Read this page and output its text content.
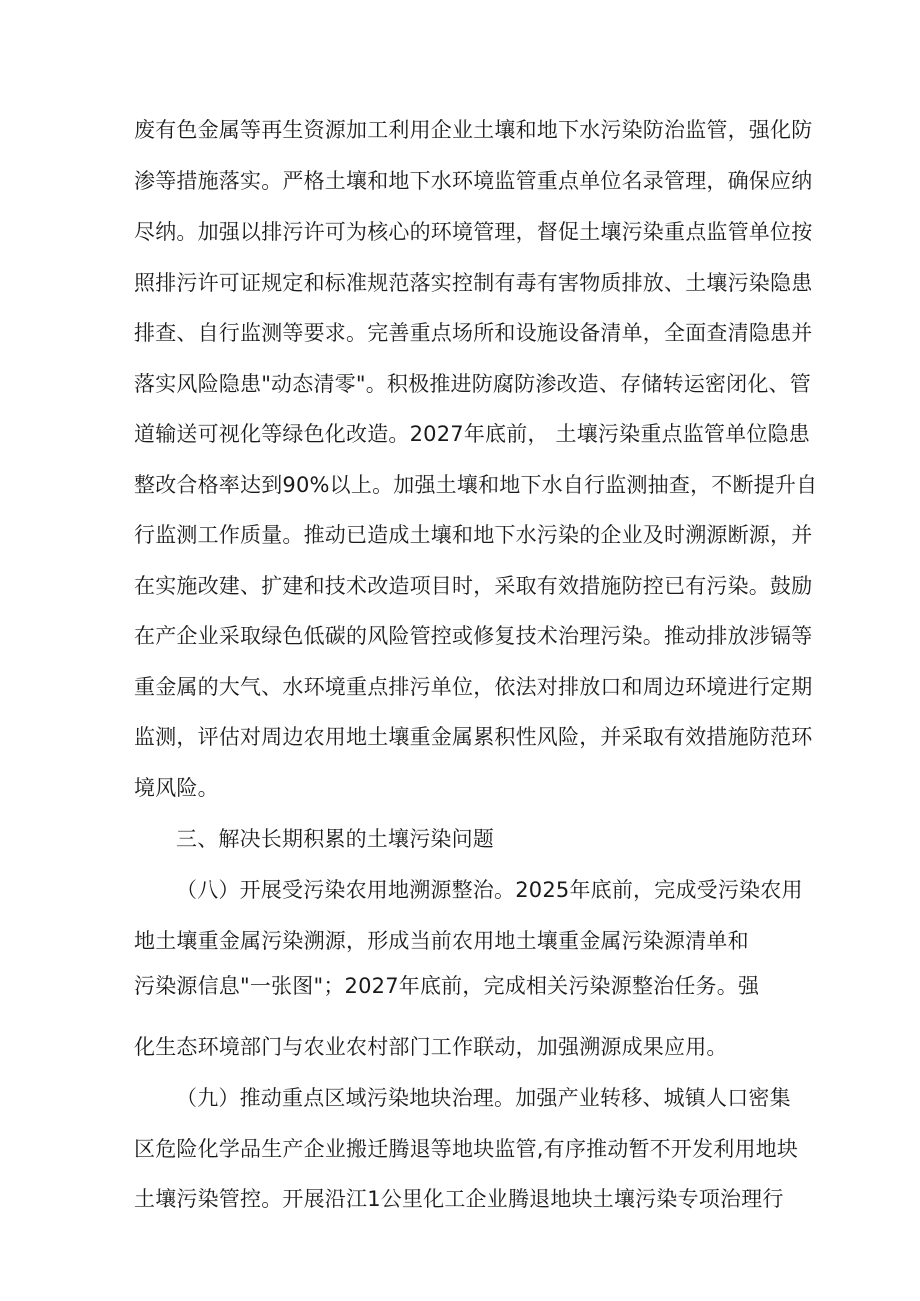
废有色金属等再生资源加工利用企业土壤和地下水污染防治监管，强化防
渗等措施落实。严格土壤和地下水环境监管重点单位名录管理，确保应纳
尽纳。加强以排污许可为核心的环境管理，督促土壤污染重点监管单位按
照排污许可证规定和标准规范落实控制有毒有害物质排放、土壤污染隐患
排查、自行监测等要求。完善重点场所和设施设备清单，全面查清隐患并
落实风险隐患"动态清零"。积极推进防腐防渗改造、存储转运密闭化、管
道输送可视化等绿色化改造。2027年底前， 土壤污染重点监管单位隐患
整改合格率达到90%以上。加强土壤和地下水自行监测抽查，不断提升自
行监测工作质量。推动已造成土壤和地下水污染的企业及时溯源断源，并
在实施改建、扩建和技术改造项目时，采取有效措施防控已有污染。鼓励
在产企业采取绿色低碳的风险管控或修复技术治理污染。推动排放涉镉等
重金属的大气、水环境重点排污单位，依法对排放口和周边环境进行定期
监测，评估对周边农用地土壤重金属累积性风险，并采取有效措施防范环
境风险。
三、解决长期积累的土壤污染问题
（八）开展受污染农用地溯源整治。2025年底前，完成受污染农用
地土壤重金属污染溯源，形成当前农用地土壤重金属污染源清单和
污染源信息"一张图"；2027年底前，完成相关污染源整治任务。强
化生态环境部门与农业农村部门工作联动，加强溯源成果应用。
（九）推动重点区域污染地块治理。加强产业转移、城镇人口密集
区危险化学品生产企业搬迁腾退等地块监管,有序推动暂不开发利用地块
土壤污染管控。开展沿江1公里化工企业腾退地块土壤污染专项治理行
